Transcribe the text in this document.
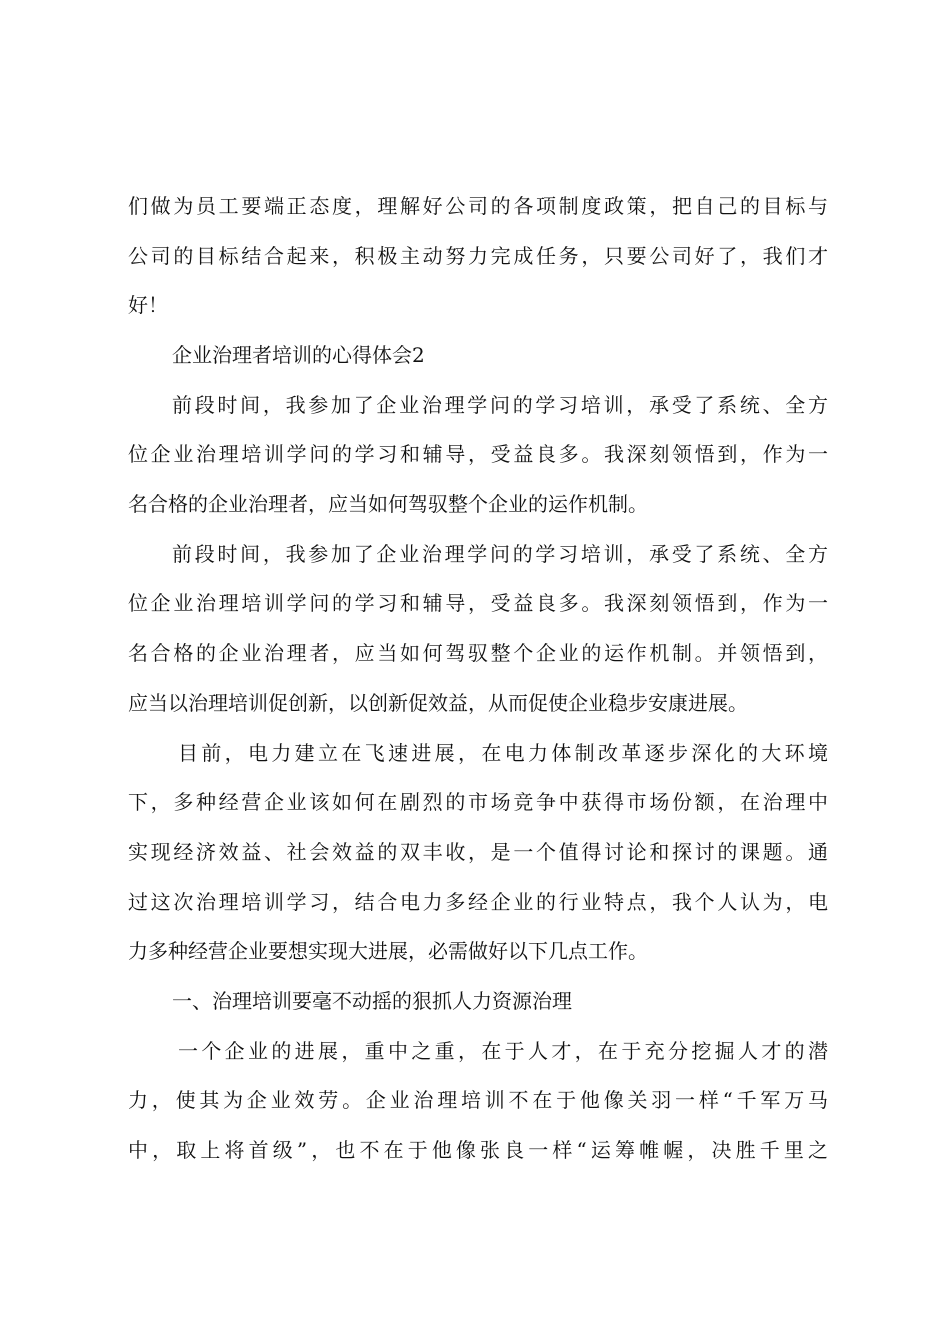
们做为员工要端正态度，理解好公司的各项制度政策，把自己的目标与
公司的目标结合起来，积极主动努力完成任务，只要公司好了，我们才
好！
企业治理者培训的心得体会2
前段时间，我参加了企业治理学问的学习培训，承受了系统、全方
位企业治理培训学问的学习和辅导，受益良多。我深刻领悟到，作为一
名合格的企业治理者，应当如何驾驭整个企业的运作机制。
前段时间，我参加了企业治理学问的学习培训，承受了系统、全方
位企业治理培训学问的学习和辅导，受益良多。我深刻领悟到，作为一
名合格的企业治理者，应当如何驾驭整个企业的运作机制。并领悟到，
应当以治理培训促创新，以创新促效益，从而促使企业稳步安康进展。
目前，电力建立在飞速进展，在电力体制改革逐步深化的大环境
下，多种经营企业该如何在剧烈的市场竞争中获得市场份额，在治理中
实现经济效益、社会效益的双丰收，是一个值得讨论和探讨的课题。通
过这次治理培训学习，结合电力多经企业的行业特点，我个人认为，电
力多种经营企业要想实现大进展，必需做好以下几点工作。
一、治理培训要毫不动摇的狠抓人力资源治理
一个企业的进展，重中之重，在于人才，在于充分挖掘人才的潜
力，使其为企业效劳。企业治理培训不在于他像关羽一样“千军万马
中，取上将首级”，也不在于他像张良一样“运筹帷幄，决胜千里之
